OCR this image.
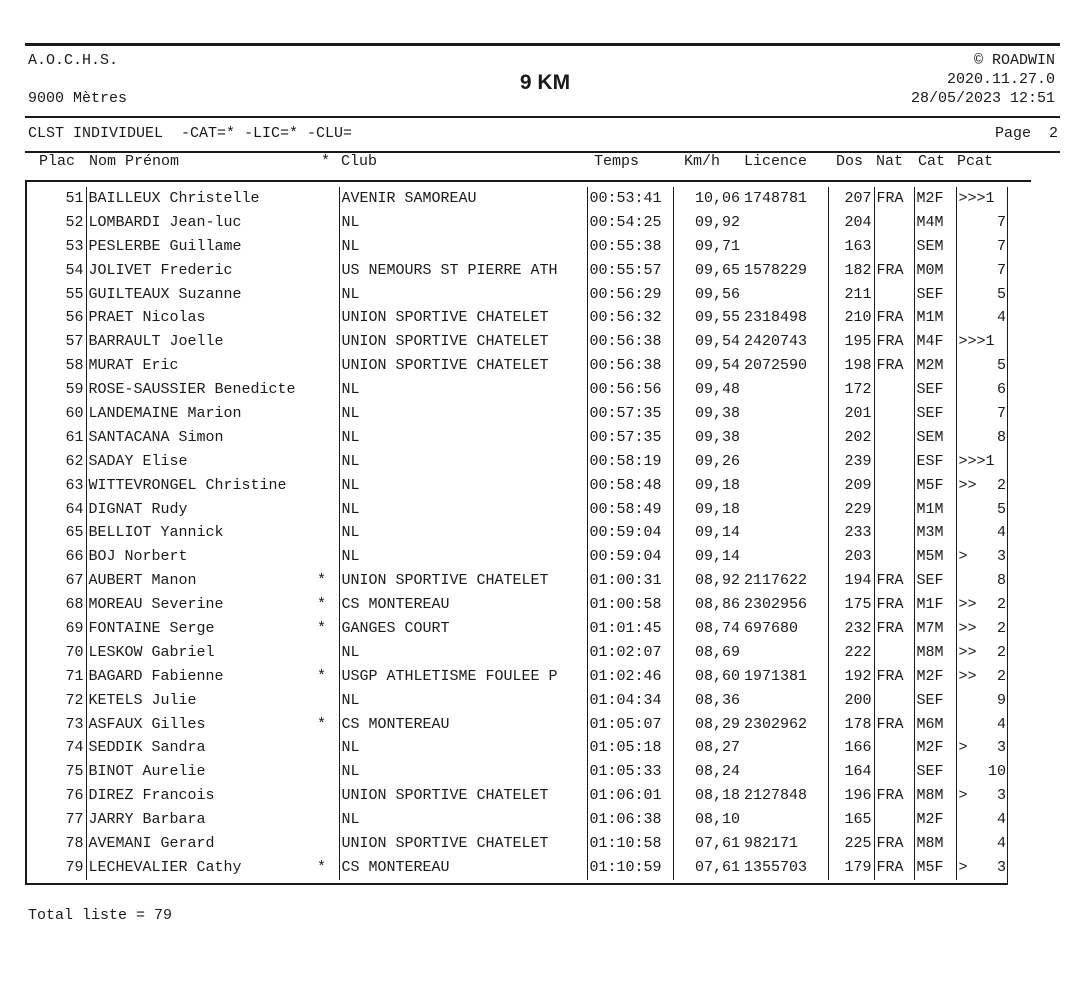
A.O.C.H.S.
9000 Mètres
9 KM
© ROADWIN
2020.11.27.0
28/05/2023 12:51
CLST INDIVIDUEL  -CAT=* -LIC=* -CLU=	Page  2
Plac Nom Prénom	* Club	Temps	Km/h Licence Dos Nat Cat Pcat
51	BAILLEUX Christelle		AVENIR SAMOREAU	00:53:41	10,06	1748781	207	FRA	M2F	>>>1	
52	LOMBARDI Jean-luc		NL	00:54:25	09,92		204		M4M		7
53	PESLERBE Guillame		NL	00:55:38	09,71		163		SEM		7
54	JOLIVET Frederic		US NEMOURS ST PIERRE ATH	00:55:57	09,65	1578229	182	FRA	M0M		7
55	GUILTEAUX Suzanne		NL	00:56:29	09,56		211		SEF		5
56	PRAET Nicolas		UNION SPORTIVE CHATELET	00:56:32	09,55	2318498	210	FRA	M1M		4
57	BARRAULT Joelle		UNION SPORTIVE CHATELET	00:56:38	09,54	2420743	195	FRA	M4F	>>>1	
58	MURAT Eric		UNION SPORTIVE CHATELET	00:56:38	09,54	2072590	198	FRA	M2M		5
59	ROSE-SAUSSIER Benedicte		NL	00:56:56	09,48		172		SEF		6
60	LANDEMAINE Marion		NL	00:57:35	09,38		201		SEF		7
61	SANTACANA Simon		NL	00:57:35	09,38		202		SEM		8
62	SADAY Elise		NL	00:58:19	09,26		239		ESF	>>>1	
63	WITTEVRONGEL Christine		NL	00:58:48	09,18		209		M5F	>>	2
64	DIGNAT Rudy		NL	00:58:49	09,18		229		M1M		5
65	BELLIOT Yannick		NL	00:59:04	09,14		233		M3M		4
66	BOJ Norbert		NL	00:59:04	09,14		203		M5M	>	3
67	AUBERT Manon	*	UNION SPORTIVE CHATELET	01:00:31	08,92	2117622	194	FRA	SEF		8
68	MOREAU Severine	*	CS MONTEREAU	01:00:58	08,86	2302956	175	FRA	M1F	>>	2
69	FONTAINE Serge	*	GANGES COURT	01:01:45	08,74	697680	232	FRA	M7M	>>	2
70	LESKOW Gabriel		NL	01:02:07	08,69		222		M8M	>>	2
71	BAGARD Fabienne	*	USGP ATHLETISME FOULEE P	01:02:46	08,60	1971381	192	FRA	M2F	>>	2
72	KETELS Julie		NL	01:04:34	08,36		200		SEF		9
73	ASFAUX Gilles	*	CS MONTEREAU	01:05:07	08,29	2302962	178	FRA	M6M		4
74	SEDDIK Sandra		NL	01:05:18	08,27		166		M2F	>	3
75	BINOT Aurelie		NL	01:05:33	08,24		164		SEF		10
76	DIREZ Francois		UNION SPORTIVE CHATELET	01:06:01	08,18	2127848	196	FRA	M8M	>	3
77	JARRY Barbara		NL	01:06:38	08,10		165		M2F		4
78	AVEMANI Gerard		UNION SPORTIVE CHATELET	01:10:58	07,61	982171	225	FRA	M8M		4
79	LECHEVALIER Cathy	*	CS MONTEREAU	01:10:59	07,61	1355703	179	FRA	M5F	>	3
Total liste = 79
